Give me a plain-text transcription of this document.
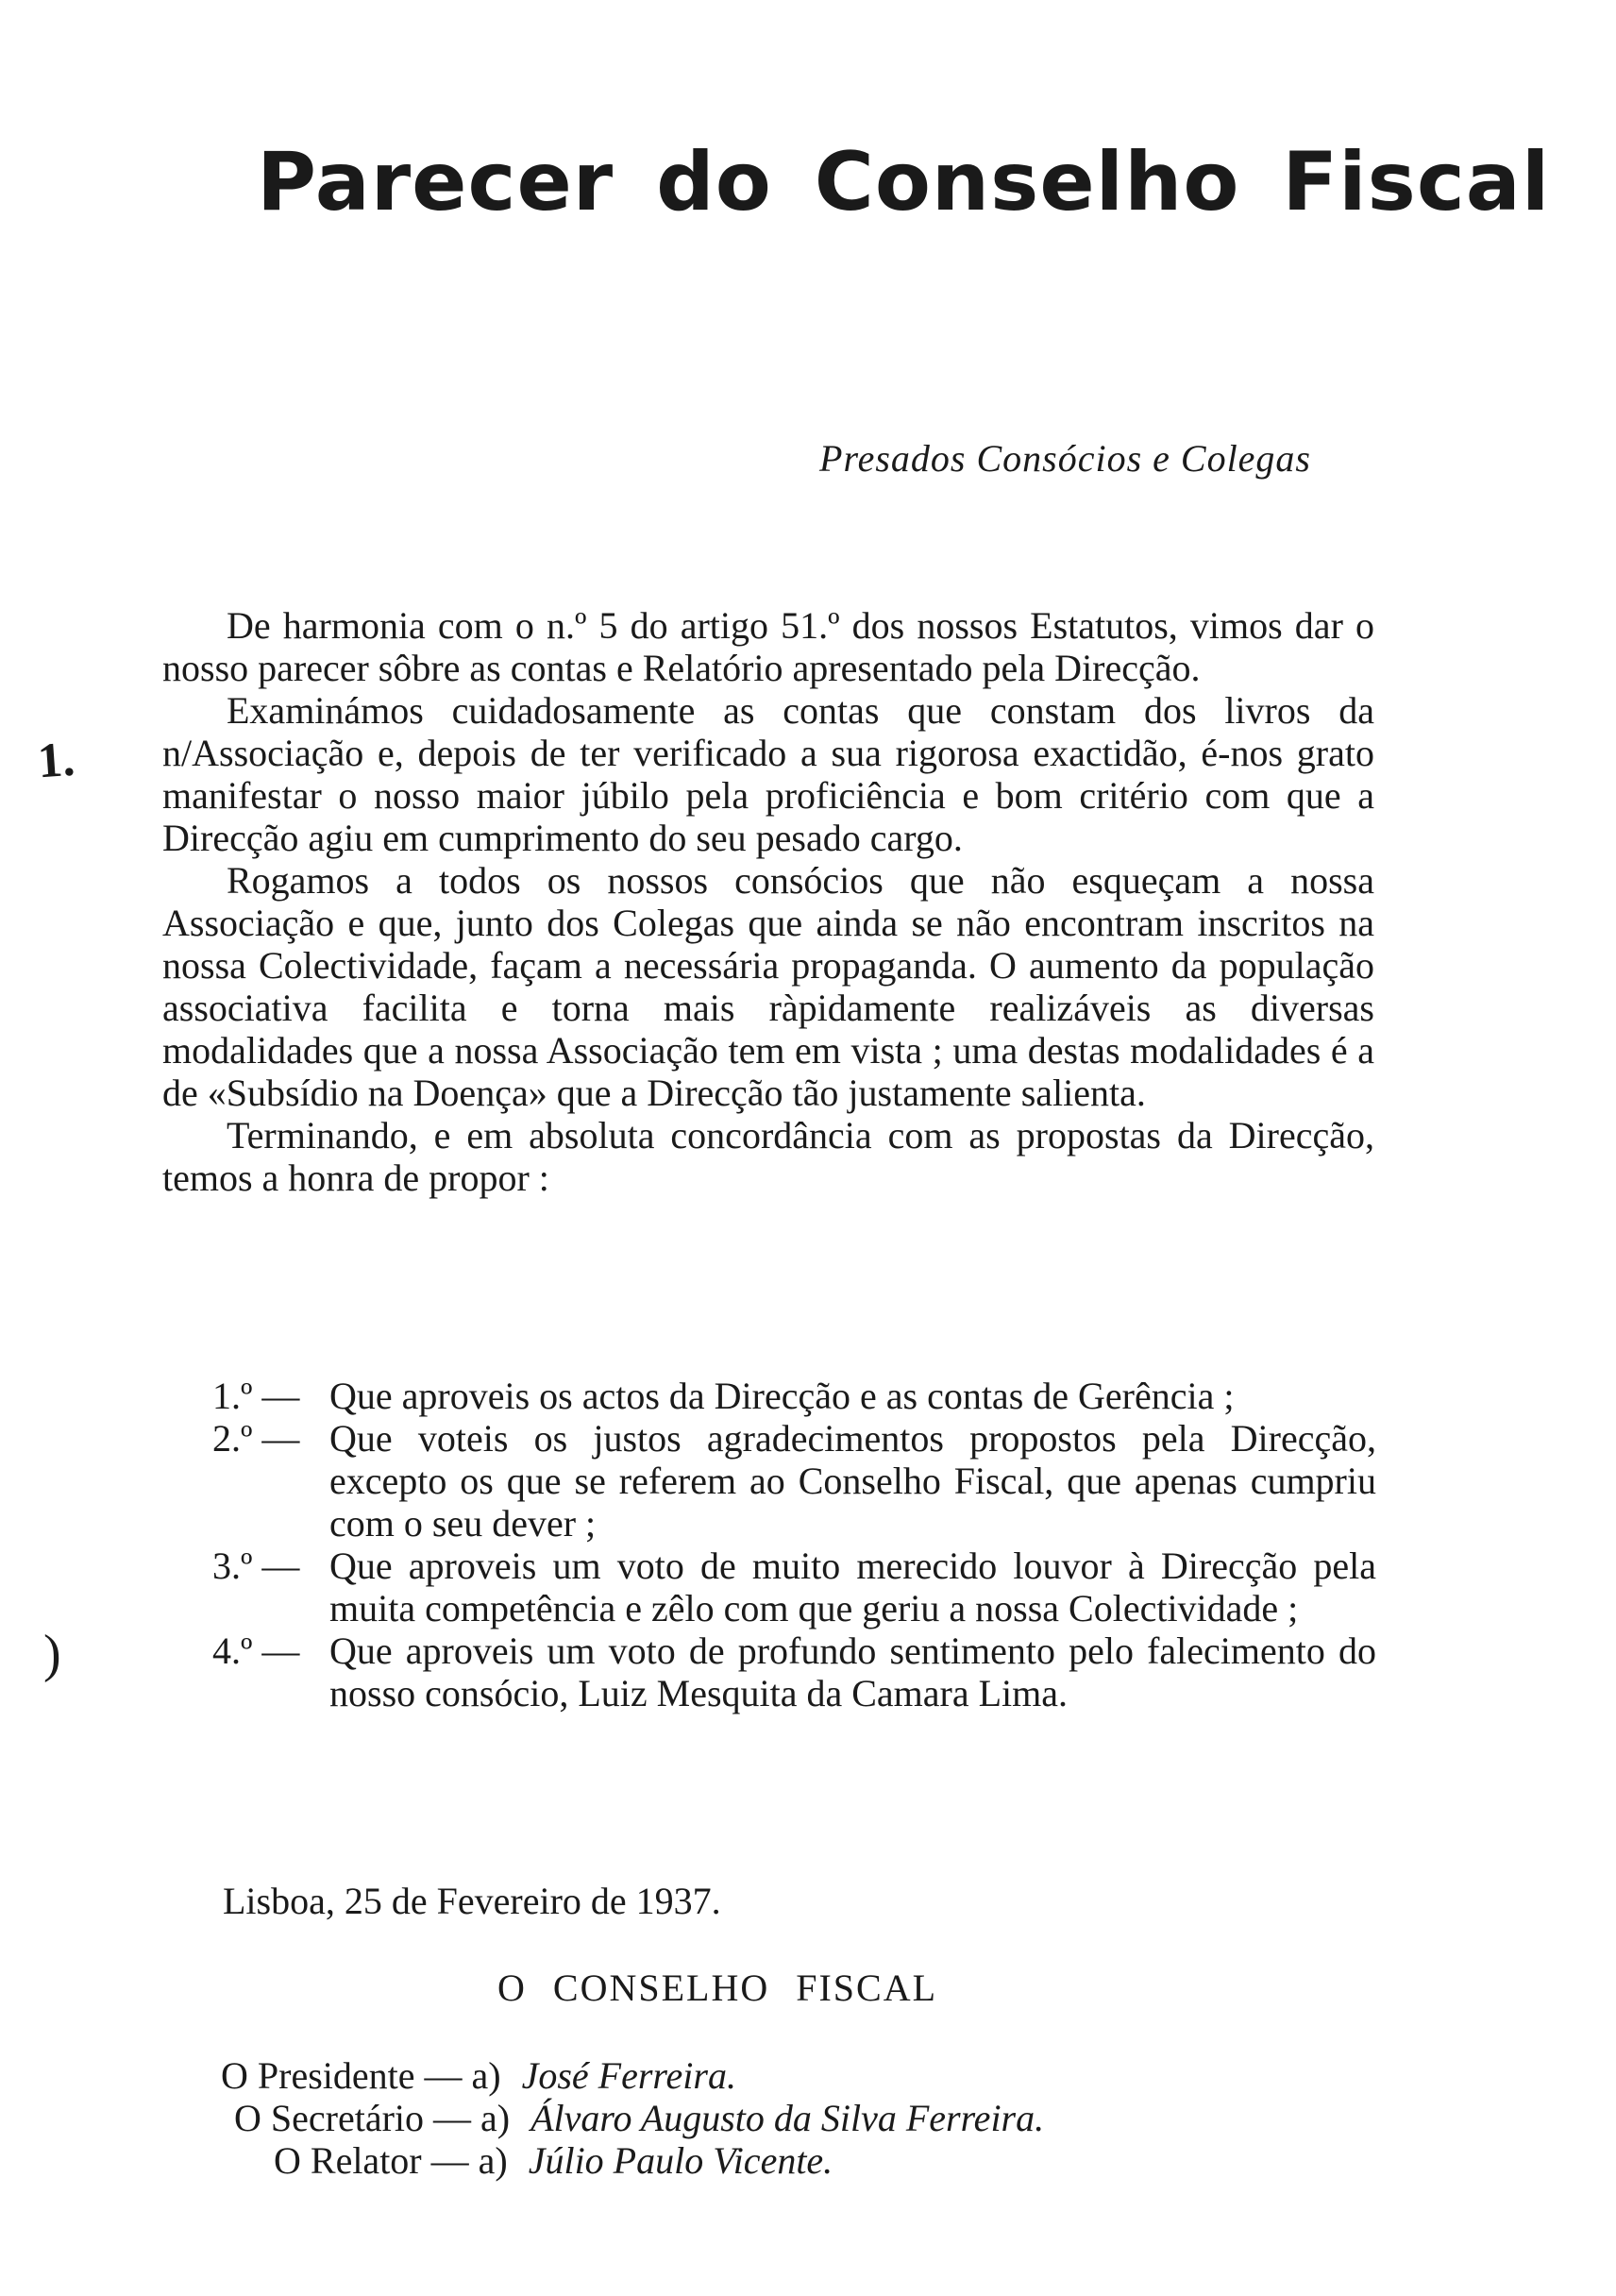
Parecer do Conselho Fiscal

Presados Consócios e Colegas

De harmonia com o n.º 5 do artigo 51.º dos nossos Estatutos, vimos dar o nosso parecer sôbre as contas e Relatório apresentado pela Direcção.

Examinámos cuidadosamente as contas que constam dos livros da n/Associação e, depois de ter verificado a sua rigorosa exactidão, é-nos grato manifestar o nosso maior júbilo pela proficiência e bom critério com que a Direcção agiu em cumprimento do seu pesado cargo.

Rogamos a todos os nossos consócios que não esqueçam a nossa Associação e que, junto dos Colegas que ainda se não encontram inscritos na nossa Colectividade, façam a necessária propaganda. O aumento da população associativa facilita e torna mais ràpidamente realizáveis as diversas modalidades que a nossa Associação tem em vista ; uma destas modalidades é a de «Subsídio na Doença» que a Direcção tão justamente salienta.

Terminando, e em absoluta concordância com as propostas da Direcção, temos a honra de propor :

1.º — Que aproveis os actos da Direcção e as contas de Gerência ;
2.º — Que voteis os justos agradecimentos propostos pela Direcção, excepto os que se referem ao Conselho Fiscal, que apenas cumpriu com o seu dever ;
3.º — Que aproveis um voto de muito merecido louvor à Direcção pela muita competência e zêlo com que geriu a nossa Colectividade ;
4.º — Que aproveis um voto de profundo sentimento pelo falecimento do nosso consócio, Luiz Mesquita da Camara Lima.
Lisboa, 25 de Fevereiro de 1937.
O CONSELHO FISCAL
O Presidente — a) José Ferreira.
O Secretário — a) Álvaro Augusto da Silva Ferreira.
O Relator — a) Júlio Paulo Vicente.
1.
)
